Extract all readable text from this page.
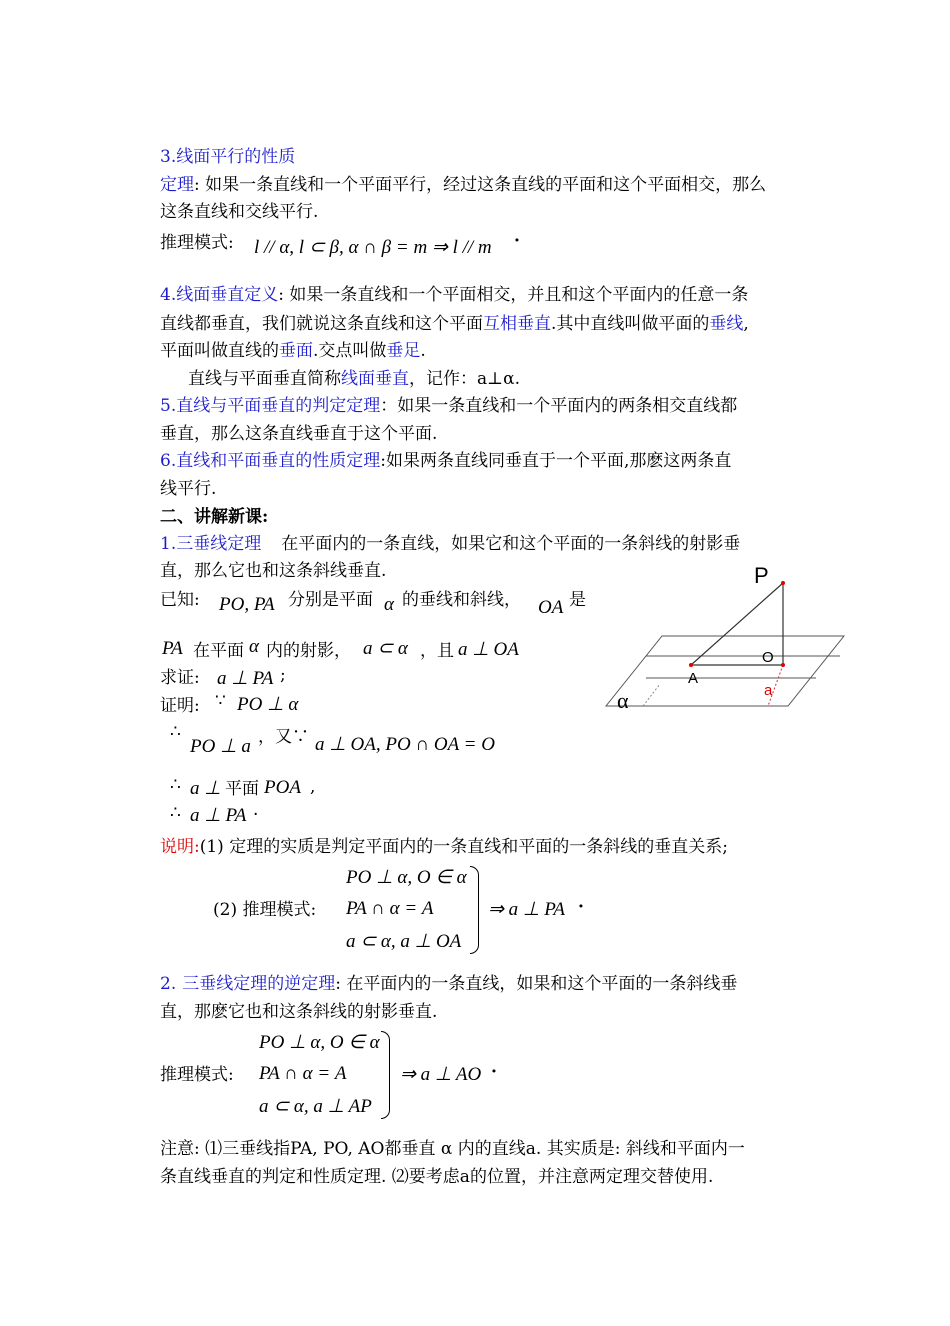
3.线面平行的性质
定理: 如果一条直线和一个平面平行，经过这条直线的平面和这个平面相交，那么
这条直线和交线平行.
推理模式: l // α, l ⊂ β, α ∩ β = m ⇒ l // m ·
4.线面垂直定义: 如果一条直线和一个平面相交，并且和这个平面内的任意一条
直线都垂直，我们就说这条直线和这个平面互相垂直.其中直线叫做平面的垂线,
平面叫做直线的垂面.交点叫做垂足.
直线与平面垂直简称线面垂直，记作：a⊥α.
5.直线与平面垂直的判定定理：如果一条直线和一个平面内的两条相交直线都
垂直，那么这条直线垂直于这个平面.
6.直线和平面垂直的性质定理:如果两条直线同垂直于一个平面,那麽这两条直
线平行.
二、讲解新课:
1.三垂线定理 在平面内的一条直线，如果它和这个平面的一条斜线的射影垂
直，那么它也和这条斜线垂直.
已知: PO, PA 分别是平面 α 的垂线和斜线， OA 是
PA 在平面 α 内的射影， a ⊂ α ，且 a ⊥ OA
求证: a ⊥ PA ;
证明: ∵ PO ⊥ α
∴
PO ⊥ a ，又∵ a ⊥ OA, PO ∩ OA = O
∴ a ⊥ 平面 POA ,
∴ a ⊥ PA ·
说明:(1) 定理的实质是判定平面内的一条直线和平面的一条斜线的垂直关系;
(2) 推理模式:
PO ⊥ α, O ∈ α
PA ∩ α = A
a ⊂ α, a ⊥ OA
⇒ a ⊥ PA ·
2. 三垂线定理的逆定理: 在平面内的一条直线，如果和这个平面的一条斜线垂
直，那麽它也和这条斜线的射影垂直.
推理模式:
PO ⊥ α, O ∈ α
PA ∩ α = A
a ⊂ α, a ⊥ AP
⇒ a ⊥ AO ·
注意: ⑴三垂线指PA, PO, AO都垂直 α 内的直线a. 其实质是: 斜线和平面内一
条直线垂直的判定和性质定理. ⑵要考虑a的位置，并注意两定理交替使用.
P
O
A
a
α
